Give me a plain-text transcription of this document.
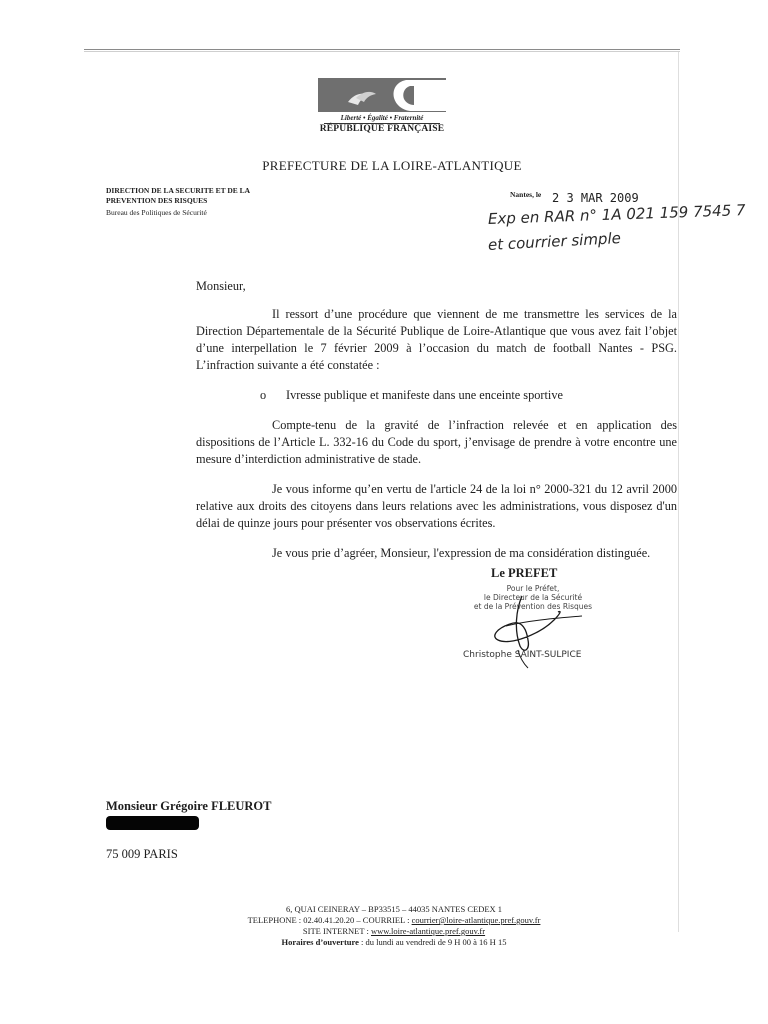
Liberté • Égalité • Fraternité
RÉPUBLIQUE FRANÇAISE
PREFECTURE DE LA LOIRE-ATLANTIQUE
DIRECTION DE LA SECURITE ET DE LA
PREVENTION DES RISQUES
Bureau des Politiques de Sécurité
Nantes, le 2 3 MAR 2009
Exp en RAR n° 1A 021 159 7545 7
et courrier simple

Monsieur,

Il ressort d’une procédure que viennent de me transmettre les services de la Direction Départementale de la Sécurité Publique de Loire-Atlantique que vous avez fait l’objet d’une interpellation le 7 février 2009 à l’occasion du match de football Nantes - PSG. L’infraction suivante a été constatée :

o	Ivresse publique et manifeste dans une enceinte sportive

Compte-tenu de la gravité de l’infraction relevée et en application des dispositions de l’Article L. 332-16 du Code du sport, j’envisage de prendre à votre encontre une mesure d’interdiction administrative de stade.

Je vous informe qu’en vertu de l'article 24 de la loi n° 2000-321 du 12 avril 2000 relative aux droits des citoyens dans leurs relations avec les administrations, vous disposez d'un délai de quinze jours pour présenter vos observations écrites.

Je vous prie d’agréer, Monsieur, l'expression de ma considération distinguée.

Le PREFET
Pour le Préfet,
le Directeur de la Sécurité
et de la Prévention des Risques
Christophe SAINT-SULPICE
Monsieur Grégoire FLEUROT
75 009 PARIS
6, QUAI CEINERAY – BP33515 – 44035 NANTES CEDEX 1
TELEPHONE : 02.40.41.20.20 – COURRIEL : courrier@loire-atlantique.pref.gouv.fr
SITE INTERNET : www.loire-atlantique.pref.gouv.fr
Horaires d’ouverture : du lundi au vendredi de 9 H 00 à 16 H 15
